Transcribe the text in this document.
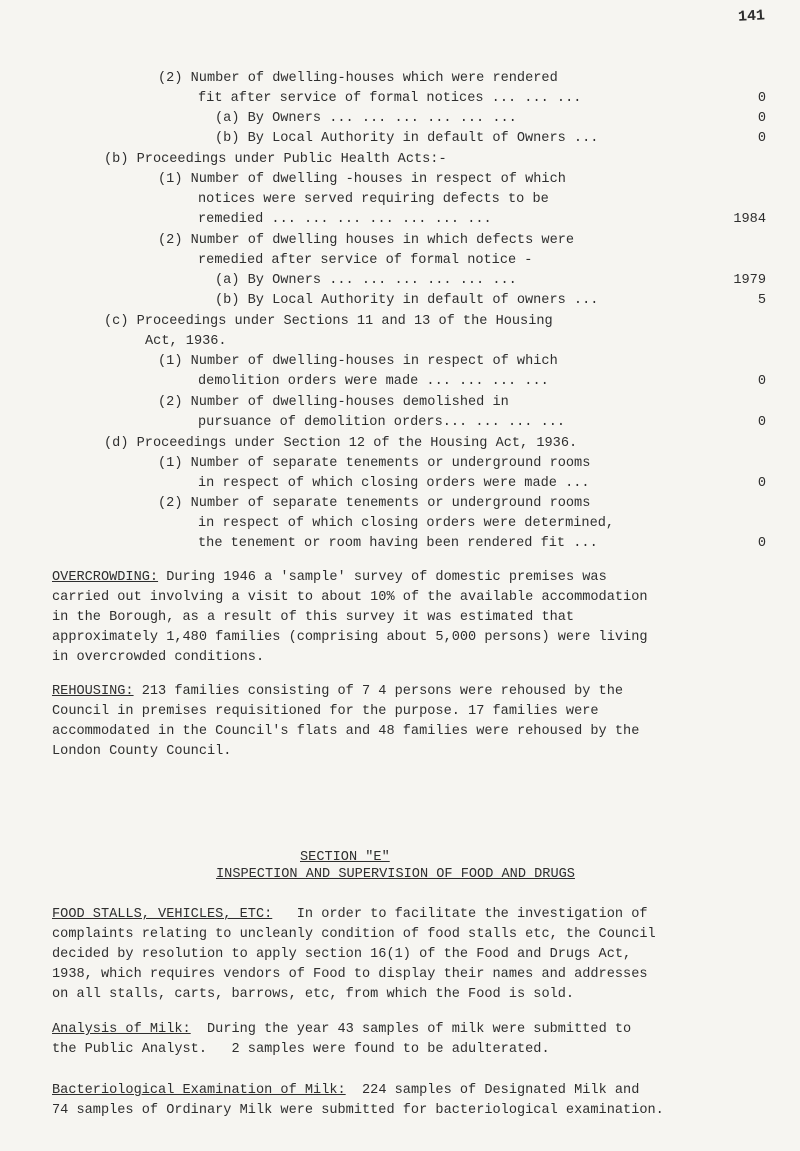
141
(2) Number of dwelling-houses which were rendered
fit after service of formal notices ... ... ...	0
(a) By Owners ... ... ... ... ... ...	0
(b) By Local Authority in default of Owners ...	0
(b) Proceedings under Public Health Acts:-
(1) Number of dwelling -houses in respect of which
notices were served requiring defects to be
remedied ... ... ... ... ... ... ...	1984
(2) Number of dwelling houses in which defects were
remedied after service of formal notice -
(a) By Owners ... ... ... ... ... ...	1979
(b) By Local Authority in default of owners ...	5
(c) Proceedings under Sections 11 and 13 of the Housing
Act, 1936.
(1) Number of dwelling-houses in respect of which
demolition orders were made ... ... ... ...	0
(2) Number of dwelling-houses demolished in
pursuance of demolition orders... ... ... ...	0
(d) Proceedings under Section 12 of the Housing Act, 1936.
(1) Number of separate tenements or underground rooms
in respect of which closing orders were made ...	0
(2) Number of separate tenements or underground rooms
in respect of which closing orders were determined,
the tenement or room having been rendered fit ...	0
OVERCROWDING: During 1946 a 'sample' survey of domestic premises was
carried out involving a visit to about 10% of the available accommodation
in the Borough, as a result of this survey it was estimated that
approximately 1,480 families (comprising about 5,000 persons) were living
in overcrowded conditions.
REHOUSING: 213 families consisting of 7 4 persons were rehoused by the
Council in premises requisitioned for the purpose. 17 families were
accommodated in the Council's flats and 48 families were rehoused by the
London County Council.
SECTION "E"
INSPECTION AND SUPERVISION OF FOOD AND DRUGS
FOOD STALLS, VEHICLES, ETC:   In order to facilitate the investigation of
complaints relating to uncleanly condition of food stalls etc, the Council
decided by resolution to apply section 16(1) of the Food and Drugs Act,
1938, which requires vendors of Food to display their names and addresses
on all stalls, carts, barrows, etc, from which the Food is sold.
Analysis of Milk:  During the year 43 samples of milk were submitted to
the Public Analyst.   2 samples were found to be adulterated.
Bacteriological Examination of Milk:  224 samples of Designated Milk and
74 samples of Ordinary Milk were submitted for bacteriological examination.
